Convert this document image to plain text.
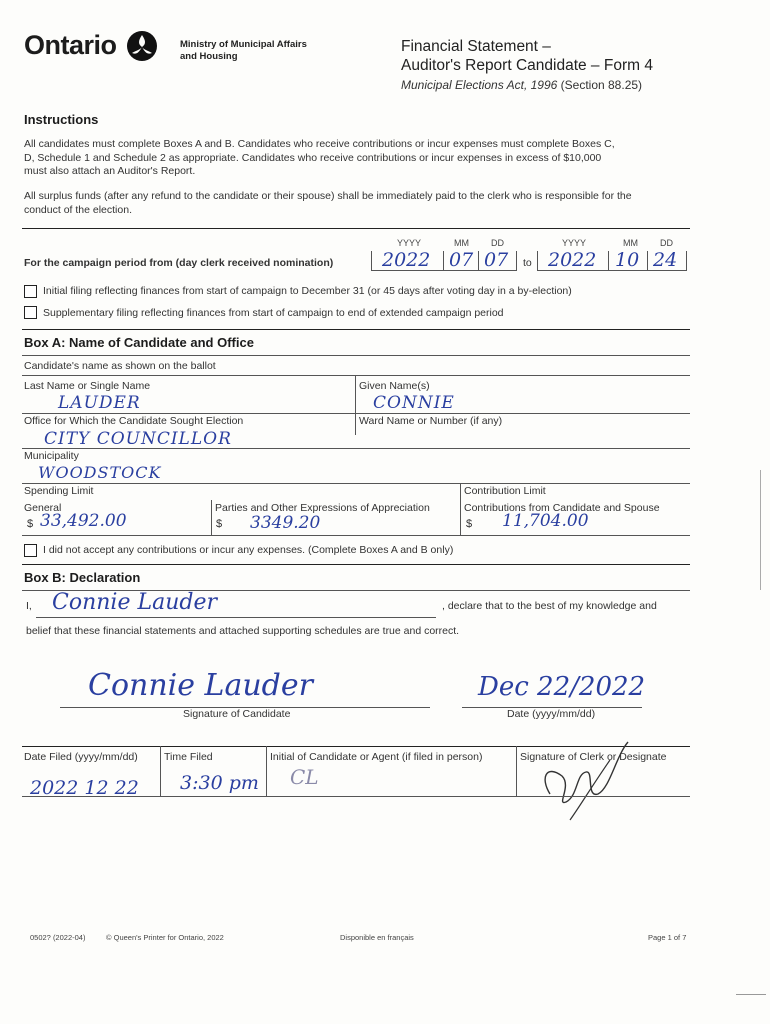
Ontario	Ministry of Municipal Affairs
and Housing
Financial Statement –
Auditor's Report Candidate – Form 4
Municipal Elections Act, 1996 (Section 88.25)
Instructions
All candidates must complete Boxes A and B. Candidates who receive contributions or incur expenses must complete Boxes C, D, Schedule 1 and Schedule 2 as appropriate. Candidates who receive contributions or incur expenses in excess of $10,000 must also attach an Auditor's Report.
All surplus funds (after any refund to the candidate or their spouse) shall be immediately paid to the clerk who is responsible for the conduct of the election.
YYYY	MM DD	YYYY	MM DD
For the campaign period from (day clerk received nomination)	2022 07 07 to 2022 10 24
Initial filing reflecting finances from start of campaign to December 31 (or 45 days after voting day in a by-election)
Supplementary filing reflecting finances from start of campaign to end of extended campaign period
Box A: Name of Candidate and Office
Candidate's name as shown on the ballot
Last Name or Single Name
LAUDER
Given Name(s)
CONNIE
Office for Which the Candidate Sought Election
CITY COUNCILLOR
Ward Name or Number (if any)
Municipality
WOODSTOCK
Spending Limit	Contribution Limit
General
$ 33,492.00
Parties and Other Expressions of Appreciation
$ 3349.20
Contributions from Candidate and Spouse
$ 11,704.00
I did not accept any contributions or incur any expenses. (Complete Boxes A and B only)
Box B: Declaration
I, Connie Lauder	, declare that to the best of my knowledge and
belief that these financial statements and attached supporting schedules are true and correct.
Connie Lauder
Signature of Candidate
Dec 22/2022
Date (yyyy/mm/dd)
Date Filed (yyyy/mm/dd)
2022 12 22
Time Filed
3:30 pm
Initial of Candidate or Agent (if filed in person)
CL
Signature of Clerk or Designate
0502? (2022-04)	© Queen's Printer for Ontario, 2022	Disponible en français	Page 1 of 7
